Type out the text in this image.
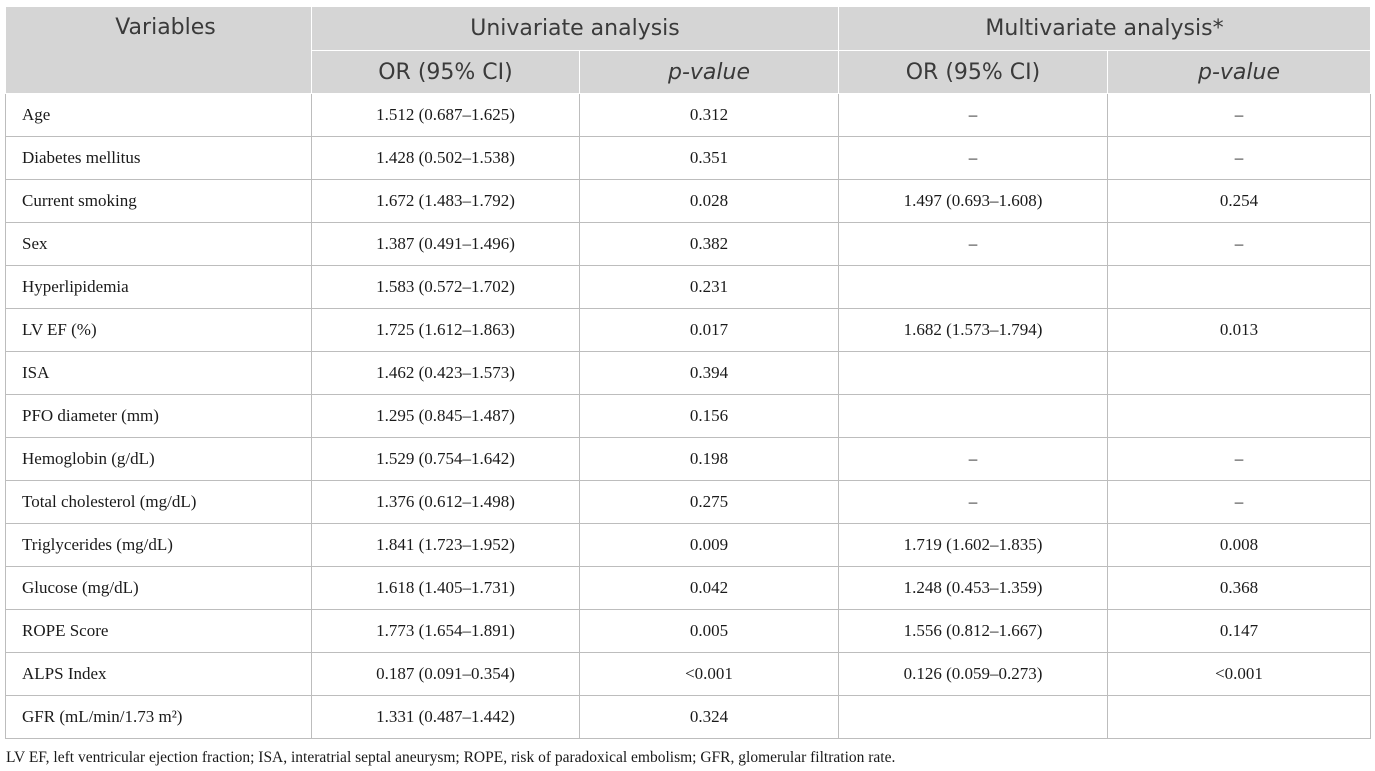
Variables	Univariate analysis		Multivariate analysis*	
	OR (95% CI)	p-value	OR (95% CI)	p-value
Age	1.512 (0.687–1.625)	0.312	–	–
Diabetes mellitus	1.428 (0.502–1.538)	0.351	–	–
Current smoking	1.672 (1.483–1.792)	0.028	1.497 (0.693–1.608)	0.254
Sex	1.387 (0.491–1.496)	0.382	–	–
Hyperlipidemia	1.583 (0.572–1.702)	0.231		
LV EF (%)	1.725 (1.612–1.863)	0.017	1.682 (1.573–1.794)	0.013
ISA	1.462 (0.423–1.573)	0.394		
PFO diameter (mm)	1.295 (0.845–1.487)	0.156		
Hemoglobin (g/dL)	1.529 (0.754–1.642)	0.198	–	–
Total cholesterol (mg/dL)	1.376 (0.612–1.498)	0.275	–	–
Triglycerides (mg/dL)	1.841 (1.723–1.952)	0.009	1.719 (1.602–1.835)	0.008
Glucose (mg/dL)	1.618 (1.405–1.731)	0.042	1.248 (0.453–1.359)	0.368
ROPE Score	1.773 (1.654–1.891)	0.005	1.556 (0.812–1.667)	0.147
ALPS Index	0.187 (0.091–0.354)	<0.001	0.126 (0.059–0.273)	<0.001
GFR (mL/min/1.73 m²)	1.331 (0.487–1.442)	0.324		
LV EF, left ventricular ejection fraction; ISA, interatrial septal aneurysm; ROPE, risk of paradoxical embolism; GFR, glomerular filtration rate.
